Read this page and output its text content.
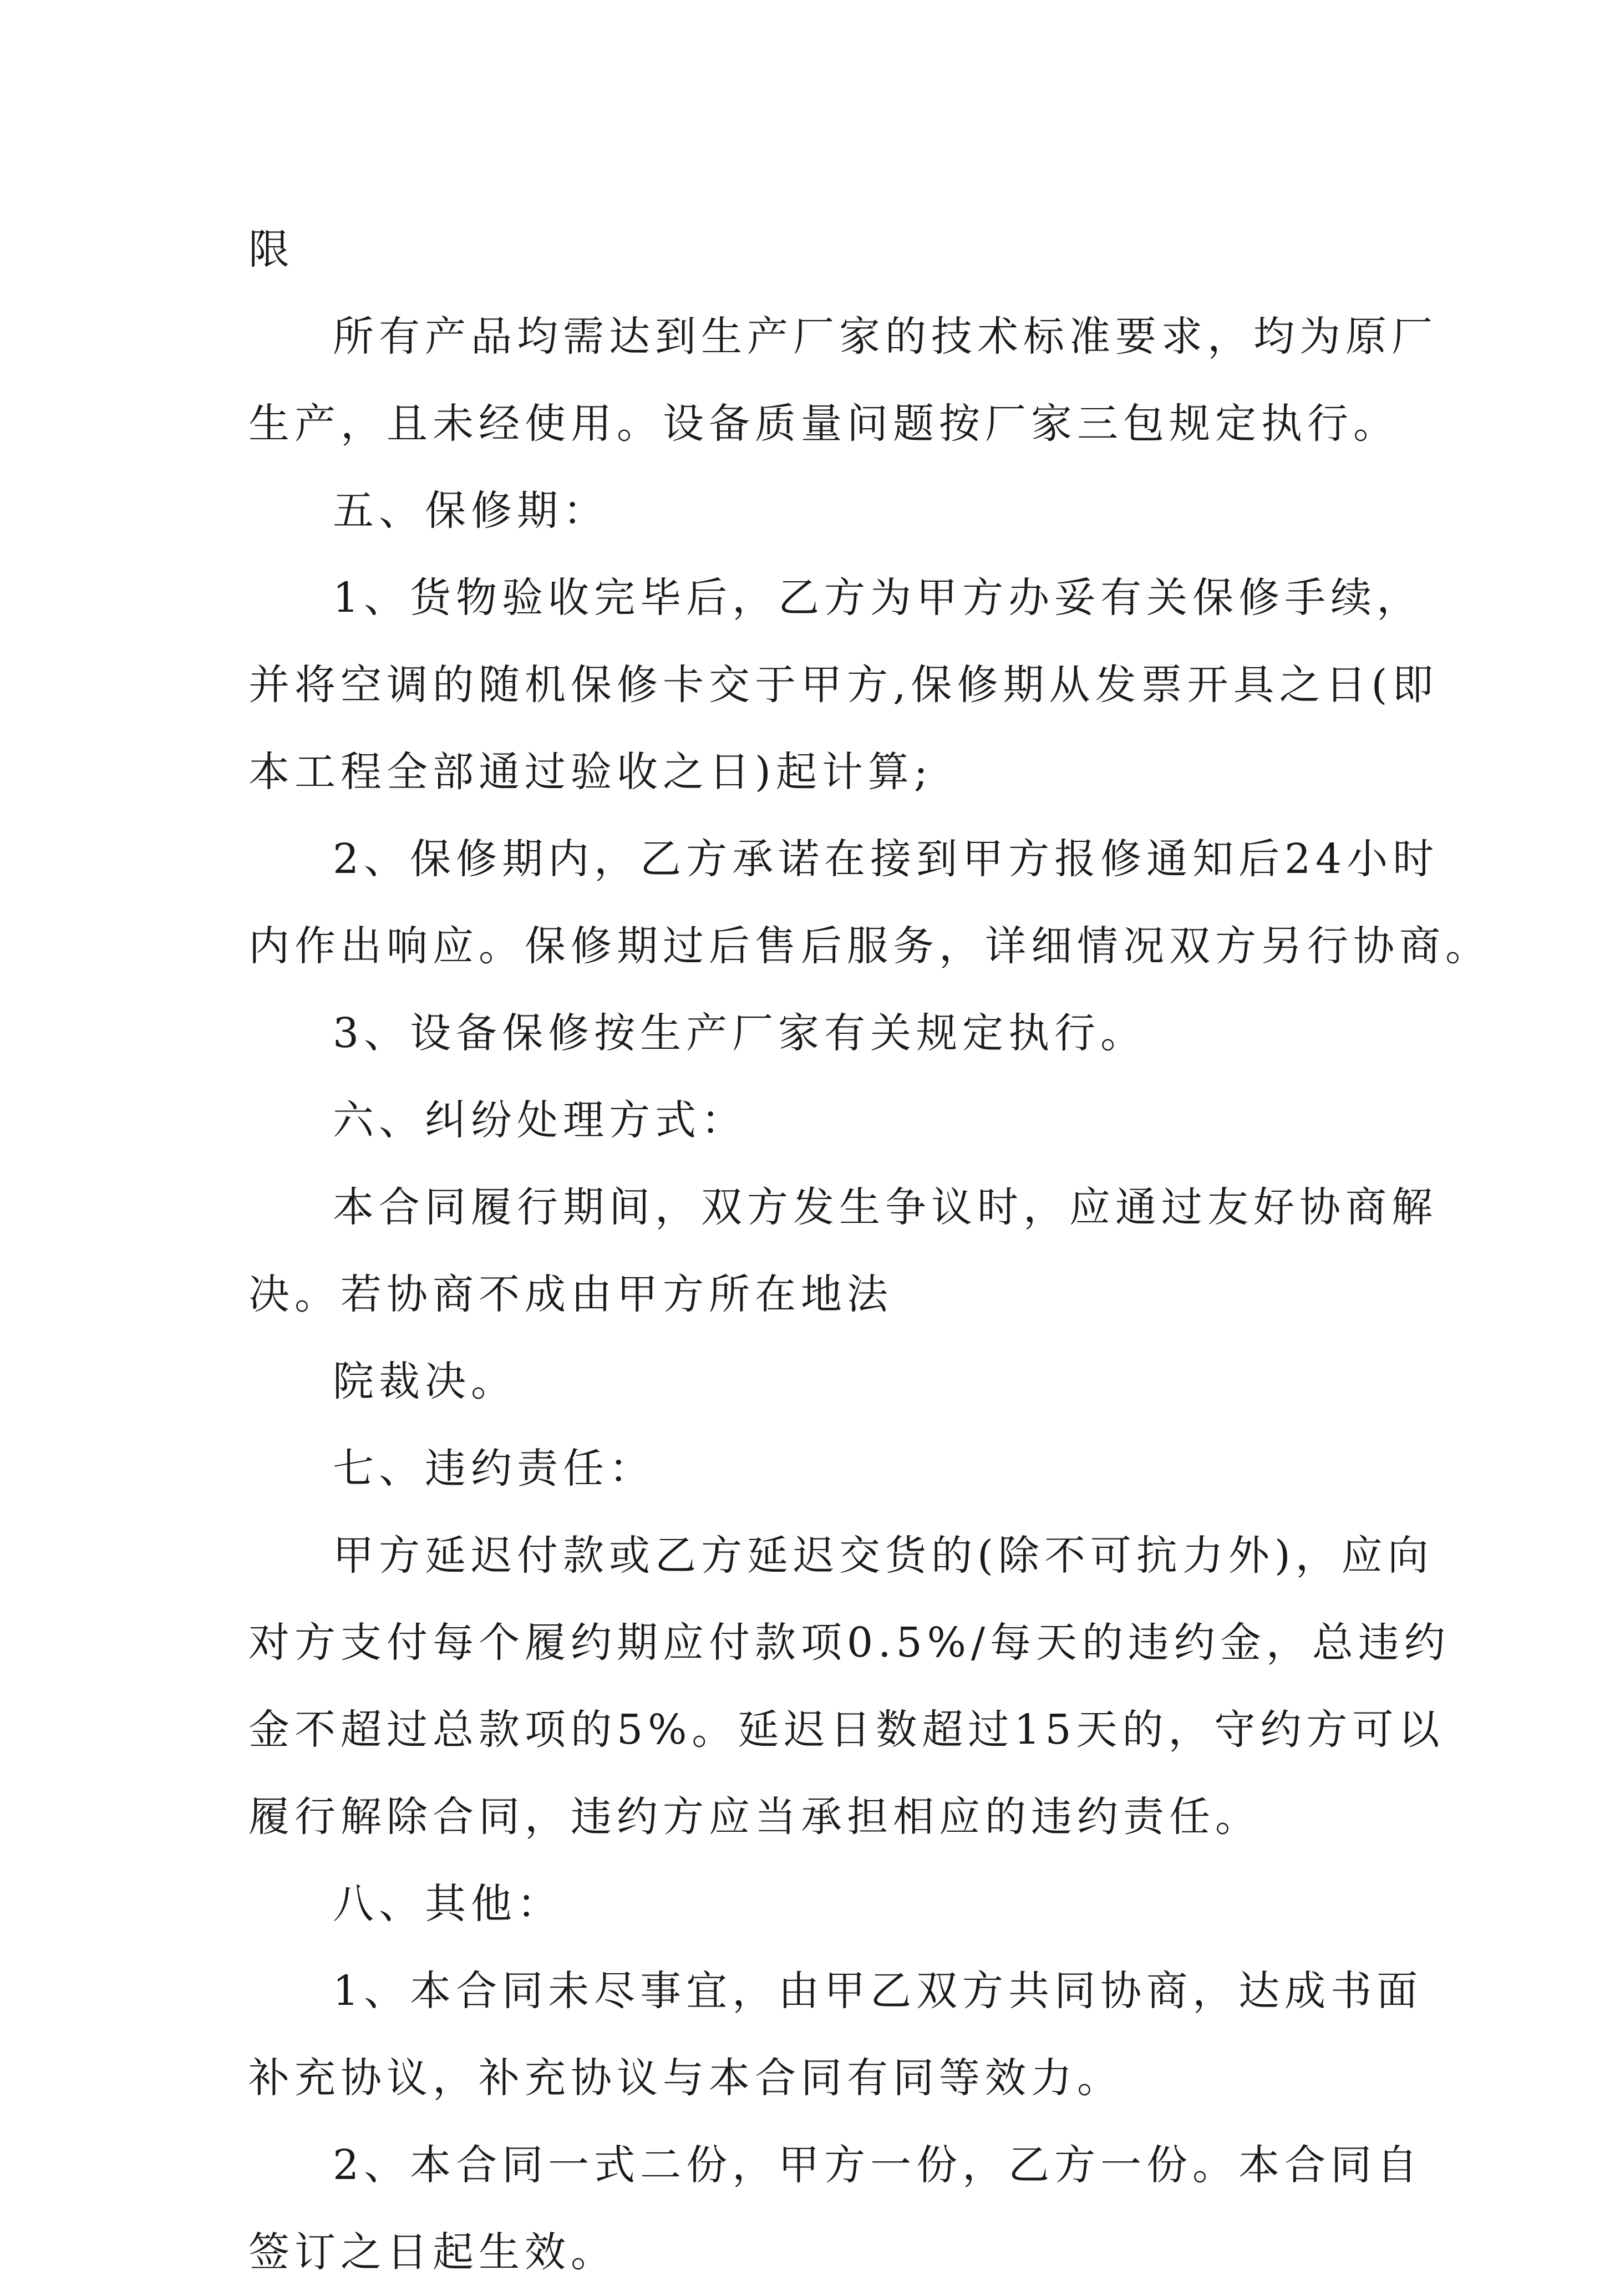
限
所有产品均需达到生产厂家的技术标准要求，均为原厂
生产，且未经使用。设备质量问题按厂家三包规定执行。
五、保修期：
1、货物验收完毕后，乙方为甲方办妥有关保修手续，
并将空调的随机保修卡交于甲方,保修期从发票开具之日(即
本工程全部通过验收之日)起计算;
2、保修期内，乙方承诺在接到甲方报修通知后24小时
内作出响应。保修期过后售后服务，详细情况双方另行协商。
3、设备保修按生产厂家有关规定执行。
六、纠纷处理方式：
本合同履行期间，双方发生争议时，应通过友好协商解
决。若协商不成由甲方所在地法
院裁决。
七、违约责任：
甲方延迟付款或乙方延迟交货的(除不可抗力外)，应向
对方支付每个履约期应付款项0.5%/每天的违约金，总违约
金不超过总款项的5%。延迟日数超过15天的，守约方可以
履行解除合同，违约方应当承担相应的违约责任。
八、其他：
1、本合同未尽事宜，由甲乙双方共同协商，达成书面
补充协议，补充协议与本合同有同等效力。
2、本合同一式二份，甲方一份，乙方一份。本合同自
签订之日起生效。
